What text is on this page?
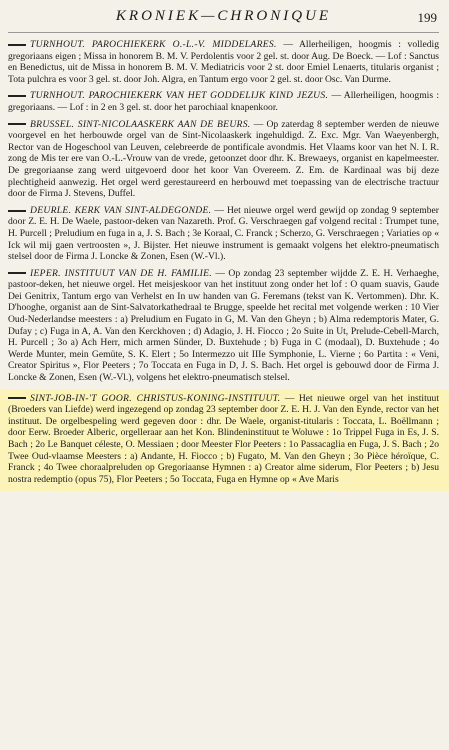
KRONIEK—CHRONIQUE	199

TURNHOUT. PAROCHIEKERK O.-L.-V. MIDDELARES. — Allerheiligen, hoogmis : volledig gregoriaans eigen ; Missa in honorem B. M. V. Perdolentis voor 2 gel. st. door Aug. De Boeck. — Lof : Sanctus en Benedictus, uit de Missa in honorem B. M. V. Mediatricis voor 2 st. door Emiel Lenaerts, titularis organist ; Tota pulchra es voor 3 gel. st. door Joh. Algra, en Tantum ergo voor 2 gel. st. door Osc. Van Durme.

TURNHOUT. PAROCHIEKERK VAN HET GODDELIJK KIND JEZUS. — Allerheiligen, hoogmis : gregoriaans. — Lof : in 2 en 3 gel. st. door het parochiaal knapenkoor.

BRUSSEL. SINT-NICOLAASKERK AAN DE BEURS. — Op zaterdag 8 september werden de nieuwe voorgevel en het herbouwde orgel van de Sint-Nicolaaskerk ingehuldigd. Z. Exc. Mgr. Van Waeyenbergh, Rector van de Hogeschool van Leuven, celebreerde de pontificale avondmis. Het Vlaams koor van het N. I. R. zong de Mis ter ere van O.-L.-Vrouw van de vrede, getoonzet door dhr. K. Brewaeys, organist en kapelmeester. De gregoriaanse zang werd uitgevoerd door het koor Van Overeem. Z. Em. de Kardinaal was bij deze plechtigheid aanwezig. Het orgel werd gerestaureerd en herbouwd met toepassing van de electrische tractuur door de Firma J. Stevens, Duffel.

DEURLE. KERK VAN SINT-ALDEGONDE. — Het nieuwe orgel werd gewijd op zondag 9 september door Z. E. H. De Waele, pastoor-deken van Nazareth. Prof. G. Verschraegen gaf volgend recital : Trumpet tune, H. Purcell ; Preludium en fuga in a, J. S. Bach ; 3e Koraal, C. Franck ; Scherzo, G. Verschraegen ; Variaties op « Ick wil mij gaen vertroosten », J. Bijster. Het nieuwe instrument is gemaakt volgens het elektro-pneumatisch stelsel door de Firma J. Loncke & Zonen, Esen (W.-Vl.).

IEPER. INSTITUUT VAN DE H. FAMILIE. — Op zondag 23 september wijdde Z. E. H. Verhaeghe, pastoor-deken, het nieuwe orgel. Het meisjeskoor van het instituut zong onder het lof : O quam suavis, Gaude Dei Genitrix, Tantum ergo van Verhelst en In uw handen van G. Feremans (tekst van K. Vertommen). Dhr. K. D'hooghe, organist aan de Sint-Salvatorkathedraal te Brugge, speelde het recital met volgende werken : 10 Vier Oud-Nederlandse meesters : a) Preludium en Fugato in G, M. Van den Gheyn ; b) Alma redemptoris Mater, G. Dufay ; c) Fuga in A, A. Van den Kerckhoven ; d) Adagio, J. H. Fiocco ; 2o Suite in Ut, Prelude-Cebell-March, H. Purcell ; 3o a) Ach Herr, mich armen Sünder, D. Buxtehude ; b) Fuga in C (modaal), D. Buxtehude ; 4o Werde Munter, mein Gemüte, S. K. Elert ; 5o Intermezzo uit IIIe Symphonie, L. Vierne ; 6o Partita : « Veni, Creator Spiritus », Flor Peeters ; 7o Toccata en Fuga in D, J. S. Bach. Het orgel is gebouwd door de Firma J. Loncke & Zonen, Esen (W.-Vl.), volgens het elektro-pneumatisch stelsel.

SINT-JOB-IN-'T GOOR. CHRISTUS-KONING-INSTITUUT. — Het nieuwe orgel van het instituut (Broeders van Liefde) werd ingezegend op zondag 23 september door Z. E. H. J. Van den Eynde, rector van het instituut. De orgelbespeling werd gegeven door : dhr. De Waele, organist-titularis : Toccata, L. Boëllmann ; door Eerw. Broeder Alberic, orgelleraar aan het Kon. Blindeninstituut te Woluwe : 1o Trippel Fuga in Es, J. S. Bach ; 2o Le Banquet céleste, O. Messiaen ; door Meester Flor Peeters : 1o Passacaglia en Fuga, J. S. Bach ; 2o Twee Oud-vlaamse Meesters : a) Andante, H. Fiocco ; b) Fugato, M. Van den Gheyn ; 3o Pièce héroïque, C. Franck ; 4o Twee choraalpreluden op Gregoriaanse Hymnen : a) Creator alme siderum, Flor Peeters ; b) Jesu nostra redemptio (opus 75), Flor Peeters ; 5o Toccata, Fuga en Hymne op « Ave Maris
